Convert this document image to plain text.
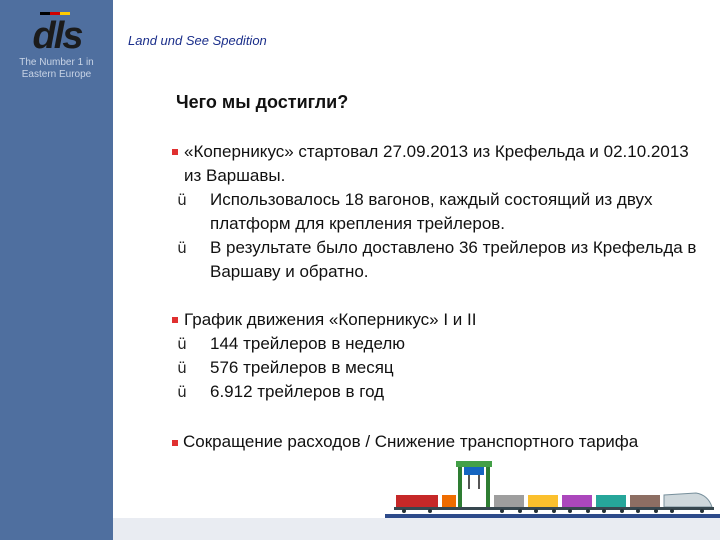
dls
The Number 1 in
Eastern Europe
Land und See Spedition
Чего мы достигли?

«Коперникус» стартовал 27.09.2013 из Крефельда и 02.10.2013 из Варшавы.

ü	Использовалось 18 вагонов, каждый состоящий из двух платформ для крепления трейлеров.

ü	В результате было доставлено 36 трейлеров из Крефельда в Варшаву и обратно.

График движения «Коперникус» I и II

ü	144 трейлеров в неделю

ü	576 трейлеров в месяц

ü	6.912 трейлеров в год

Сокращение расходов / Снижение транспортного тарифа
